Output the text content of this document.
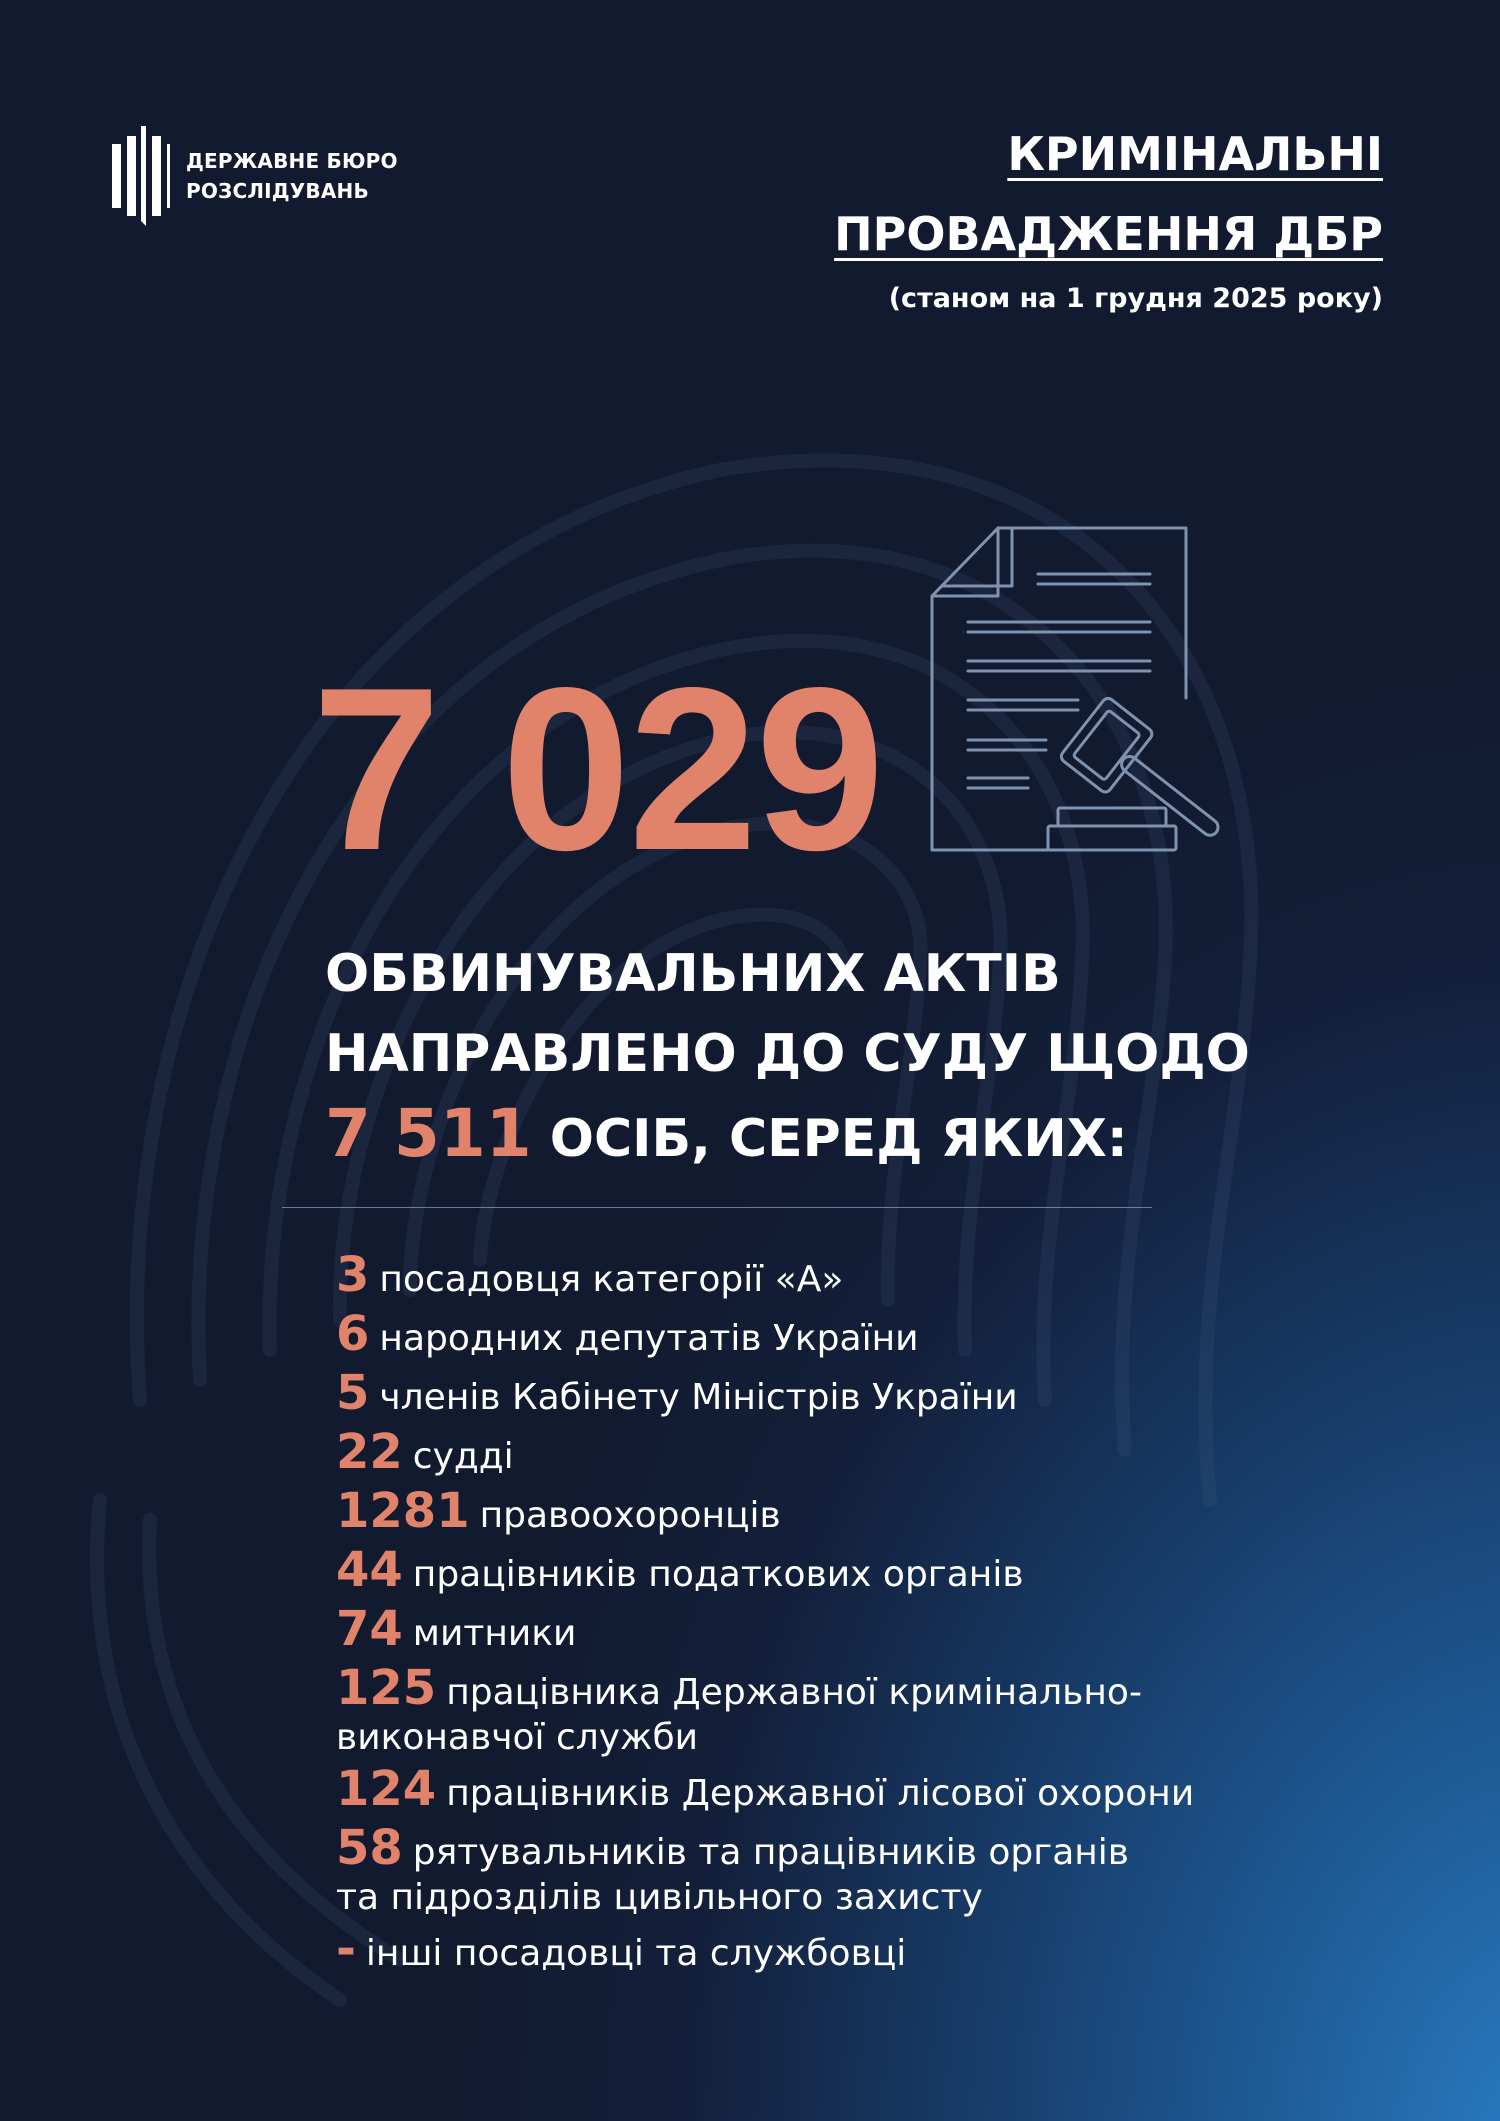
ДЕРЖАВНЕ БЮРО
РОЗСЛІДУВАНЬ
КРИМІНАЛЬНІ
ПРОВАДЖЕННЯ ДБР
(станом на 1 грудня 2025 року)
7 029
ОБВИНУВАЛЬНИХ АКТІВ
НАПРАВЛЕНО ДО СУДУ ЩОДО
7 511 ОСІБ, СЕРЕД ЯКИХ:
3 посадовця категорії «А»
6 народних депутатів України
5 членів Кабінету Міністрів України
22 судді
1281 правоохоронців
44 працівників податкових органів
74 митники
125 працівника Державної кримінально-
виконавчої служби
124 працівників Державної лісової охорони
58 рятувальників та працівників органів
та підрозділів цивільного захисту
- інші посадовці та службовці
